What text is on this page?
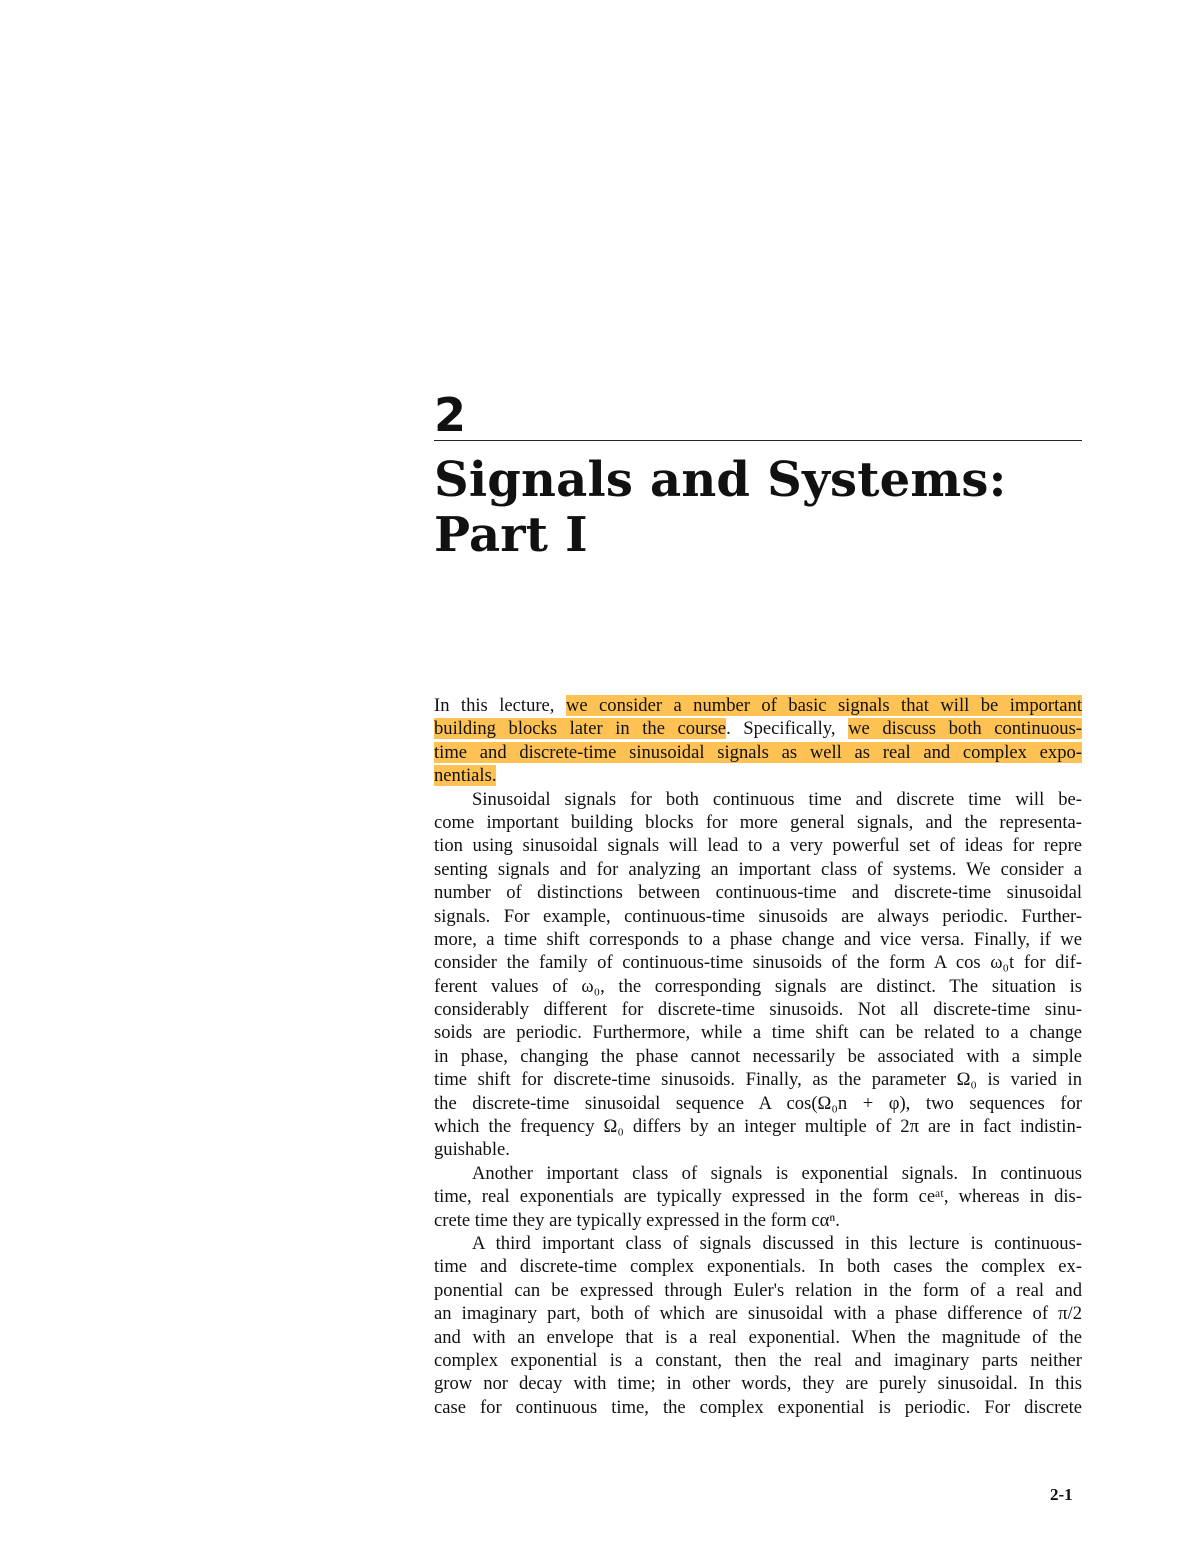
2
Signals and Systems:
Part I
In this lecture, we consider a number of basic signals that will be important
building blocks later in the course. Specifically, we discuss both continuous-
time and discrete-time sinusoidal signals as well as real and complex expo-
nentials.
Sinusoidal signals for both continuous time and discrete time will be-
come important building blocks for more general signals, and the representa-
tion using sinusoidal signals will lead to a very powerful set of ideas for repre
senting signals and for analyzing an important class of systems. We consider a
number of distinctions between continuous-time and discrete-time sinusoidal
signals. For example, continuous-time sinusoids are always periodic. Further-
more, a time shift corresponds to a phase change and vice versa. Finally, if we
consider the family of continuous-time sinusoids of the form A cos ω₀t for dif-
ferent values of ω₀, the corresponding signals are distinct. The situation is
considerably different for discrete-time sinusoids. Not all discrete-time sinu-
soids are periodic. Furthermore, while a time shift can be related to a change
in phase, changing the phase cannot necessarily be associated with a simple
time shift for discrete-time sinusoids. Finally, as the parameter Ω₀ is varied in
the discrete-time sinusoidal sequence A cos(Ω₀n + φ), two sequences for
which the frequency Ω₀ differs by an integer multiple of 2π are in fact indistin-
guishable.
Another important class of signals is exponential signals. In continuous
time, real exponentials are typically expressed in the form ceᵃᵗ, whereas in dis-
crete time they are typically expressed in the form cαⁿ.
A third important class of signals discussed in this lecture is continuous-
time and discrete-time complex exponentials. In both cases the complex ex-
ponential can be expressed through Euler's relation in the form of a real and
an imaginary part, both of which are sinusoidal with a phase difference of π/2
and with an envelope that is a real exponential. When the magnitude of the
complex exponential is a constant, then the real and imaginary parts neither
grow nor decay with time; in other words, they are purely sinusoidal. In this
case for continuous time, the complex exponential is periodic. For discrete
2-1
